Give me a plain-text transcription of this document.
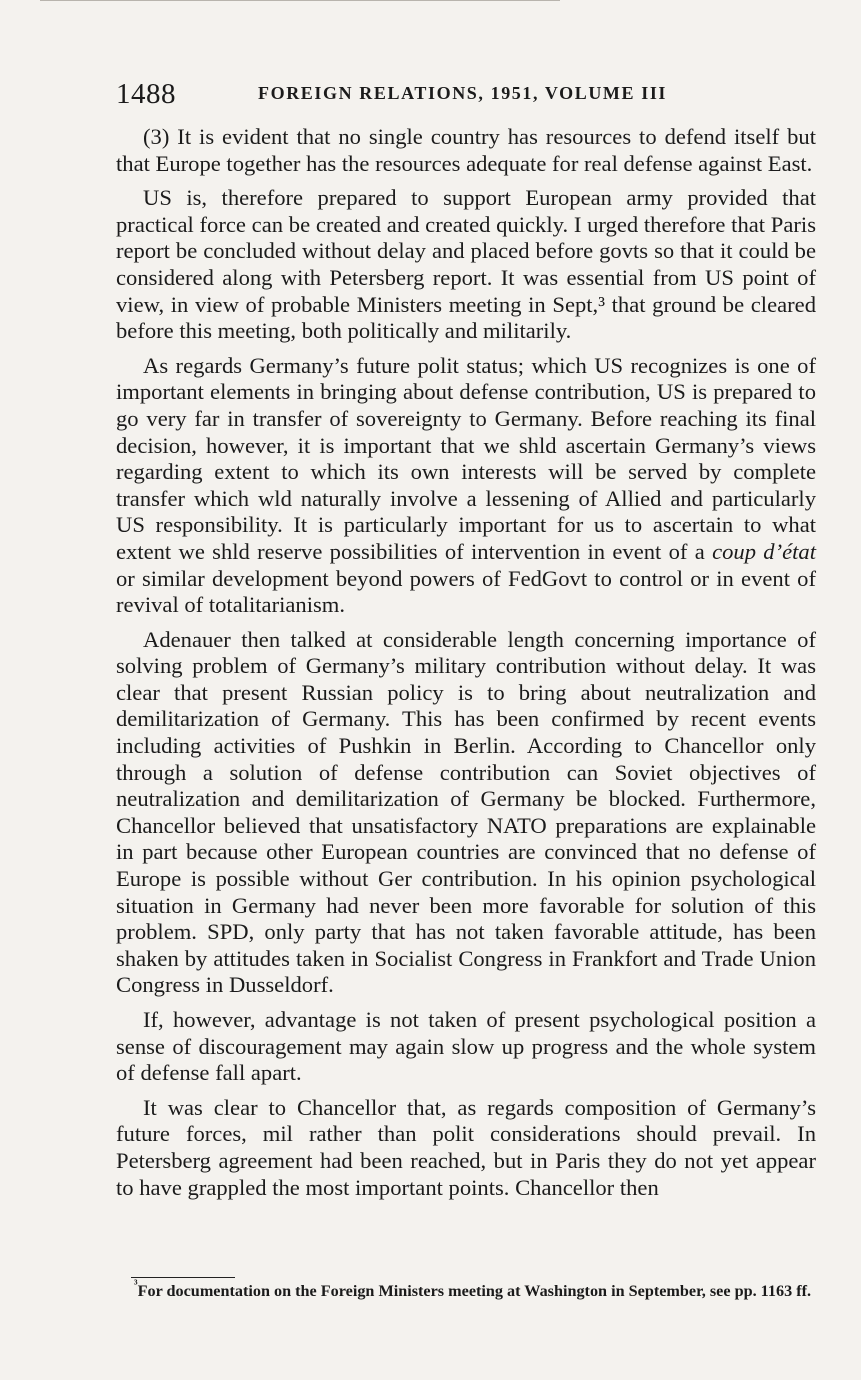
1488	FOREIGN RELATIONS, 1951, VOLUME III

(3) It is evident that no single country has resources to defend itself but that Europe together has the resources adequate for real defense against East.

US is, therefore prepared to support European army provided that practical force can be created and created quickly. I urged therefore that Paris report be concluded without delay and placed before govts so that it could be considered along with Petersberg report. It was essential from US point of view, in view of probable Ministers meeting in Sept,³ that ground be cleared before this meeting, both politically and militarily.

As regards Germany’s future polit status; which US recognizes is one of important elements in bringing about defense contribution, US is prepared to go very far in transfer of sovereignty to Germany. Before reaching its final decision, however, it is important that we shld ascertain Germany’s views regarding extent to which its own interests will be served by complete transfer which wld naturally involve a lessening of Allied and particularly US responsibility. It is particularly important for us to ascertain to what extent we shld reserve possibilities of intervention in event of a coup d’état or similar development beyond powers of FedGovt to control or in event of revival of totalitarianism.

Adenauer then talked at considerable length concerning importance of solving problem of Germany’s military contribution without delay. It was clear that present Russian policy is to bring about neutralization and demilitarization of Germany. This has been confirmed by recent events including activities of Pushkin in Berlin. According to Chancellor only through a solution of defense contribution can Soviet objectives of neutralization and demilitarization of Germany be blocked. Furthermore, Chancellor believed that unsatisfactory NATO preparations are explainable in part because other European countries are convinced that no defense of Europe is possible without Ger contribution. In his opinion psychological situation in Germany had never been more favorable for solution of this problem. SPD, only party that has not taken favorable attitude, has been shaken by attitudes taken in Socialist Congress in Frankfort and Trade Union Congress in Dusseldorf.

If, however, advantage is not taken of present psychological position a sense of discouragement may again slow up progress and the whole system of defense fall apart.

It was clear to Chancellor that, as regards composition of Germany’s future forces, mil rather than polit considerations should prevail. In Petersberg agreement had been reached, but in Paris they do not yet appear to have grappled the most important points. Chancellor then

$^{^3}$For documentation on the Foreign Ministers meeting at Washington in September, see pp. 1163 ff.
